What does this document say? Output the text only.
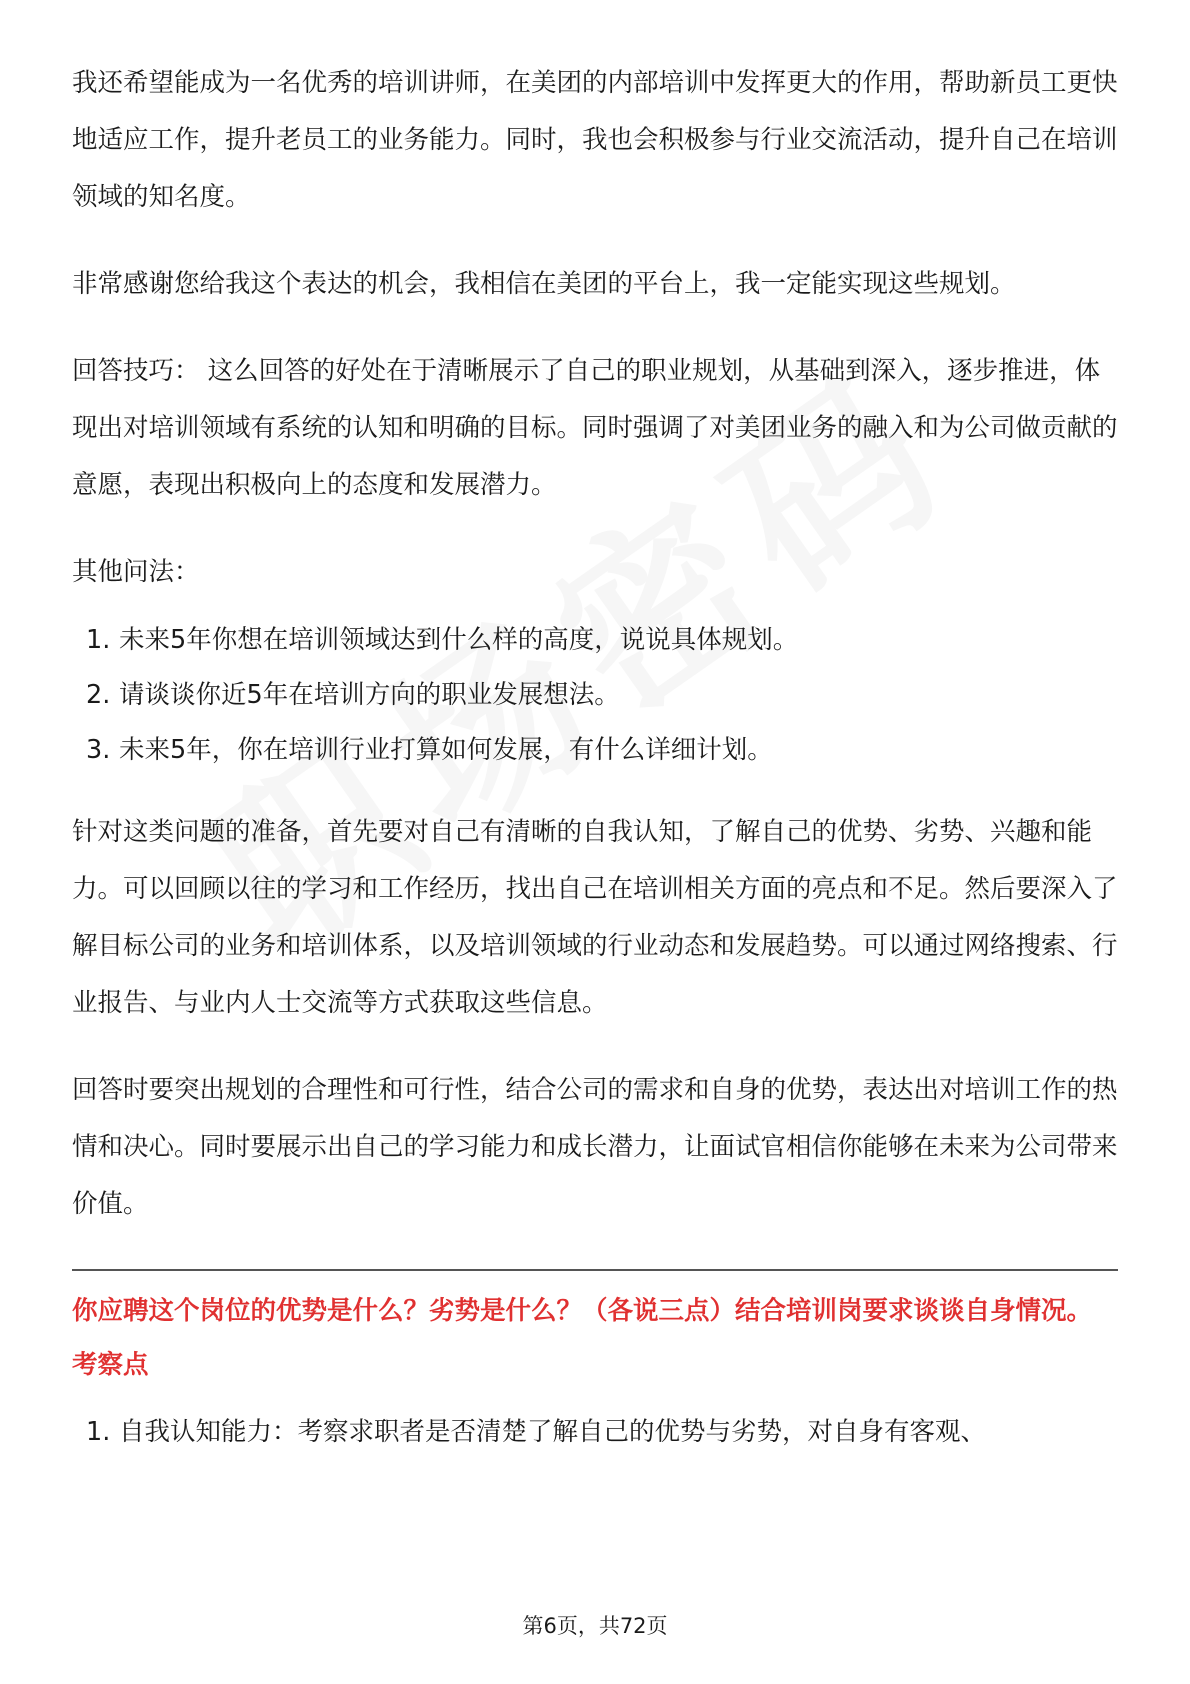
我还希望能成为一名优秀的培训讲师，在美团的内部培训中发挥更大的作用，帮助新员工更快地适应工作，提升老员工的业务能力。同时，我也会积极参与行业交流活动，提升自己在培训领域的知名度。

非常感谢您给我这个表达的机会，我相信在美团的平台上，我一定能实现这些规划。

回答技巧： 这么回答的好处在于清晰展示了自己的职业规划，从基础到深入，逐步推进，体现出对培训领域有系统的认知和明确的目标。同时强调了对美团业务的融入和为公司做贡献的意愿，表现出积极向上的态度和发展潜力。

其他问法：

1. 未来5年你想在培训领域达到什么样的高度，说说具体规划。
2. 请谈谈你近5年在培训方向的职业发展想法。
3. 未来5年，你在培训行业打算如何发展，有什么详细计划。

针对这类问题的准备，首先要对自己有清晰的自我认知，了解自己的优势、劣势、兴趣和能力。可以回顾以往的学习和工作经历，找出自己在培训相关方面的亮点和不足。然后要深入了解目标公司的业务和培训体系，以及培训领域的行业动态和发展趋势。可以通过网络搜索、行业报告、与业内人士交流等方式获取这些信息。

回答时要突出规划的合理性和可行性，结合公司的需求和自身的优势，表达出对培训工作的热情和决心。同时要展示出自己的学习能力和成长潜力，让面试官相信你能够在未来为公司带来价值。

你应聘这个岗位的优势是什么？劣势是什么？（各说三点）结合培训岗要求谈谈自身情况。
考察点
1. 自我认知能力：考察求职者是否清楚了解自己的优势与劣势，对自身有客观、
第6页，共72页
